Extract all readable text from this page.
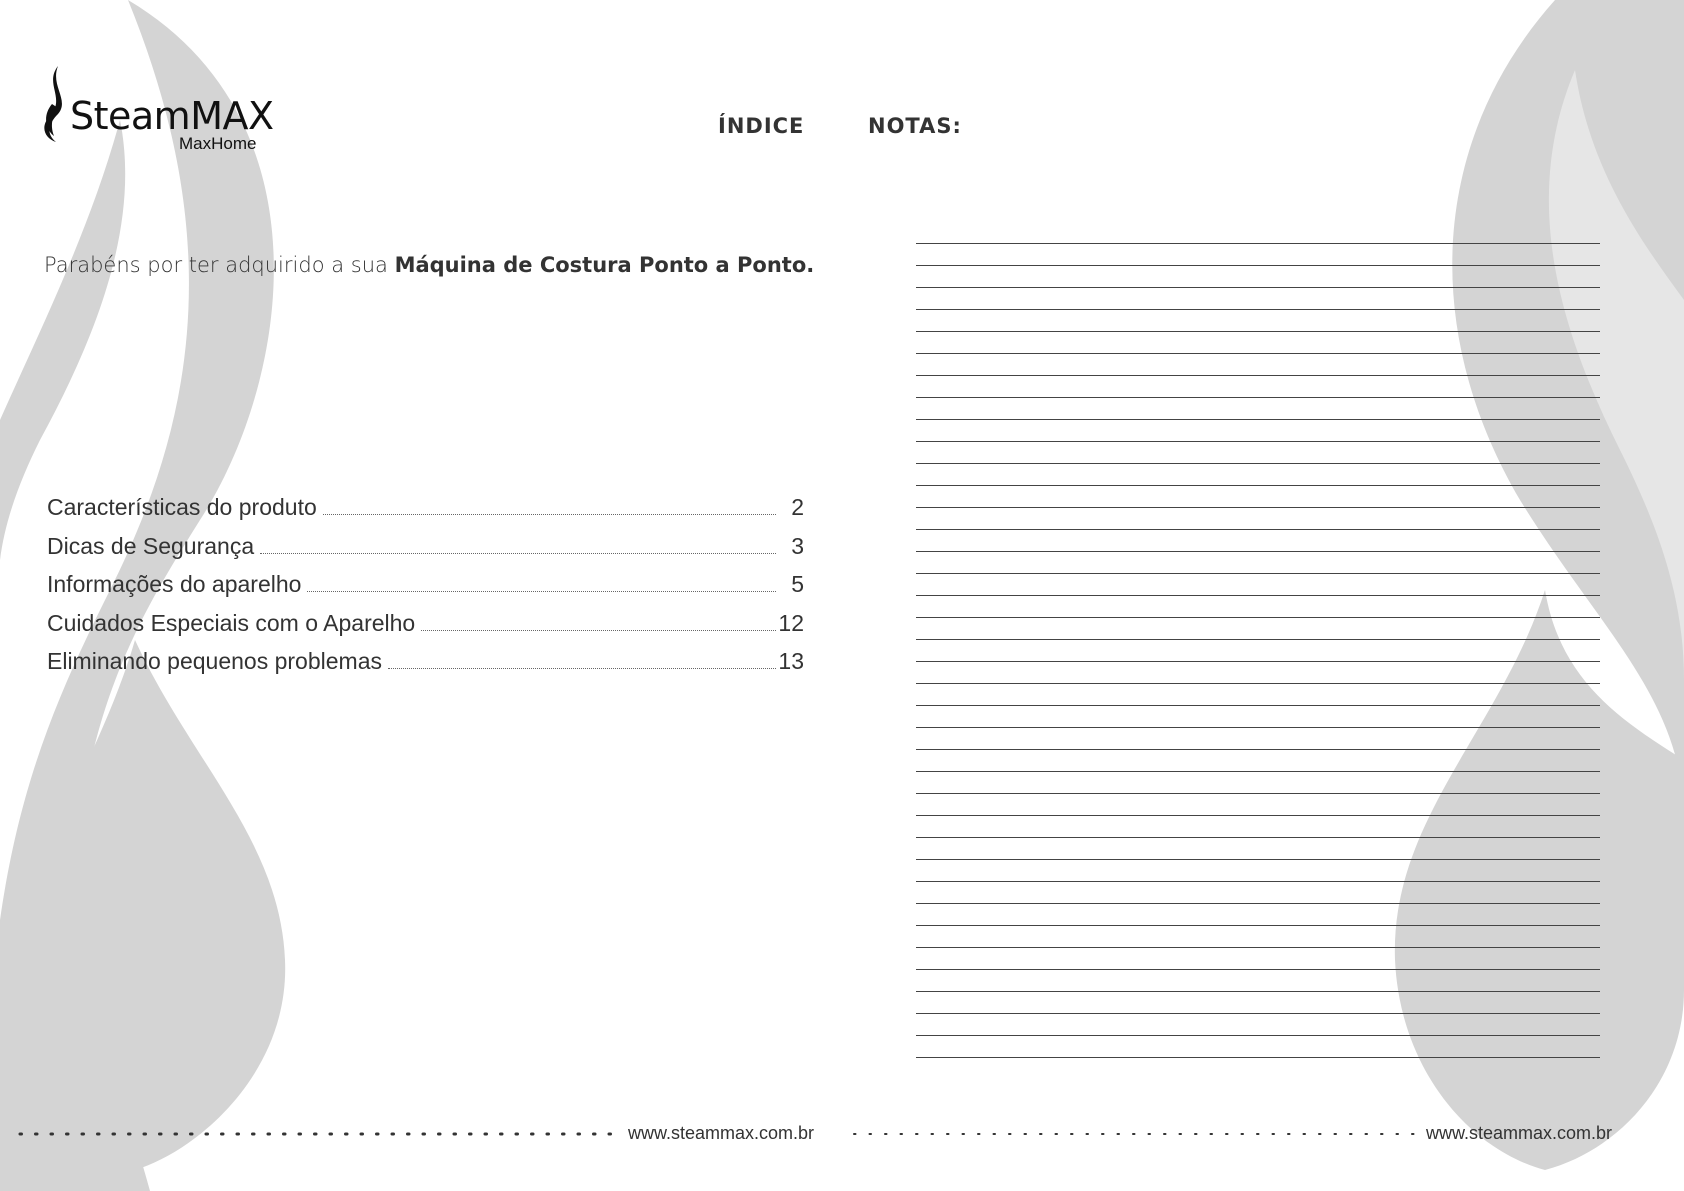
SteamMAX
MaxHome
ÍNDICE	NOTAS:
Parabéns por ter adquirido a sua Máquina de Costura Ponto a Ponto.
Características do produto	2
Dicas de Segurança	3
Informações do aparelho	5
Cuidados Especiais com o Aparelho	12
Eliminando pequenos problemas	13
www.steammax.com.br	www.steammax.com.br
